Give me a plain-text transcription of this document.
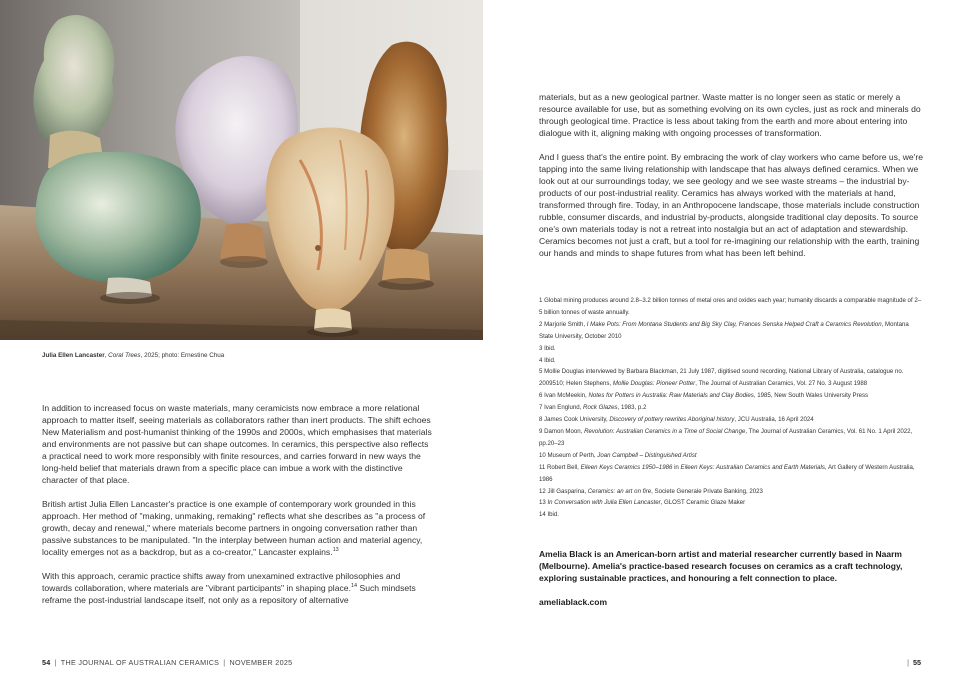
Julia Ellen Lancaster, Coral Trees, 2025; photo: Ernestine Chua

In addition to increased focus on waste materials, many ceramicists now embrace a more relational approach to matter itself, seeing materials as collaborators rather than inert products. The shift echoes New Materialism and post-humanist thinking of the 1990s and 2000s, which emphasises that materials and environments are not passive but can shape outcomes. In ceramics, this perspective also reflects a practical need to work more responsibly with finite resources, and carries forward in new ways the long-held belief that materials drawn from a specific place can imbue a work with the distinctive character of that place.

British artist Julia Ellen Lancaster's practice is one example of contemporary work grounded in this approach. Her method of "making, unmaking, remaking" reflects what she describes as "a process of growth, decay and renewal," where materials become partners in ongoing conversation rather than passive substances to be manipulated. "In the interplay between human action and material agency, locality emerges not as a backdrop, but as a co-creator," Lancaster explains.$^{13}$

With this approach, ceramic practice shifts away from unexamined extractive philosophies and towards collaboration, where materials are "vibrant participants" in shaping place.$^{14}$ Such mindsets reframe the post-industrial landscape itself, not only as a repository of alternative

materials, but as a new geological partner. Waste matter is no longer seen as static or merely a resource available for use, but as something evolving on its own cycles, just as rock and minerals do through geological time. Practice is less about taking from the earth and more about entering into dialogue with it, aligning making with ongoing processes of transformation.

And I guess that's the entire point. By embracing the work of clay workers who came before us, we're tapping into the same living relationship with landscape that has always defined ceramics. When we look out at our surroundings today, we see geology and we see waste streams – the industrial by-products of our post-industrial reality. Ceramics has always worked with the materials at hand, transformed through fire. Today, in an Anthropocene landscape, those materials include construction rubble, consumer discards, and industrial by-products, alongside traditional clay deposits. To source one's own materials today is not a retreat into nostalgia but an act of adaptation and stewardship. Ceramics becomes not just a craft, but a tool for re-imagining our relationship with the earth, training our hands and minds to shape futures from what has been left behind.

1 Global mining produces around 2.8–3.2 billion tonnes of metal ores and oxides each year; humanity discards a comparable magnitude of 2–5 billion tonnes of waste annually.
2 Marjorie Smith, I Make Pots: From Montana Students and Big Sky Clay, Frances Senska Helped Craft a Ceramics Revolution, Montana State University, October 2010
3 Ibid.
4 Ibid.
5 Mollie Douglas interviewed by Barbara Blackman, 21 July 1987, digitised sound recording, National Library of Australia, catalogue no. 2009510; Helen Stephens, Mollie Douglas: Pioneer Potter, The Journal of Australian Ceramics, Vol. 27 No. 3 August 1988
6 Ivan McMeekin, Notes for Potters in Australia: Raw Materials and Clay Bodies, 1985, New South Wales University Press
7 Ivan Englund, Rock Glazes, 1983, p.2
8 James Cook University, Discovery of pottery rewrites Aboriginal history, JCU Australia, 16 April 2024
9 Damon Moon, Revolution: Australian Ceramics in a Time of Social Change, The Journal of Australian Ceramics, Vol. 61 No. 1 April 2022, pp.20–23
10 Museum of Perth, Joan Campbell – Distinguished Artist
11 Robert Bell, Eileen Keys Ceramics 1950–1986 in Eileen Keys: Australian Ceramics and Earth Materials, Art Gallery of Western Australia, 1986
12 Jill Gasparina, Ceramics: an art on fire, Societe Generale Private Banking, 2023
13 In Conversation with Julia Ellen Lancaster, GLOST Ceramic Glaze Maker
14 Ibid.
Amelia Black is an American-born artist and material researcher currently based in Naarm (Melbourne). Amelia's practice-based research focuses on ceramics as a craft technology, exploring sustainable practices, and honouring a felt connection to place.
ameliablack.com
54 | THE JOURNAL OF AUSTRALIAN CERAMICS | NOVEMBER 2025	| 55
